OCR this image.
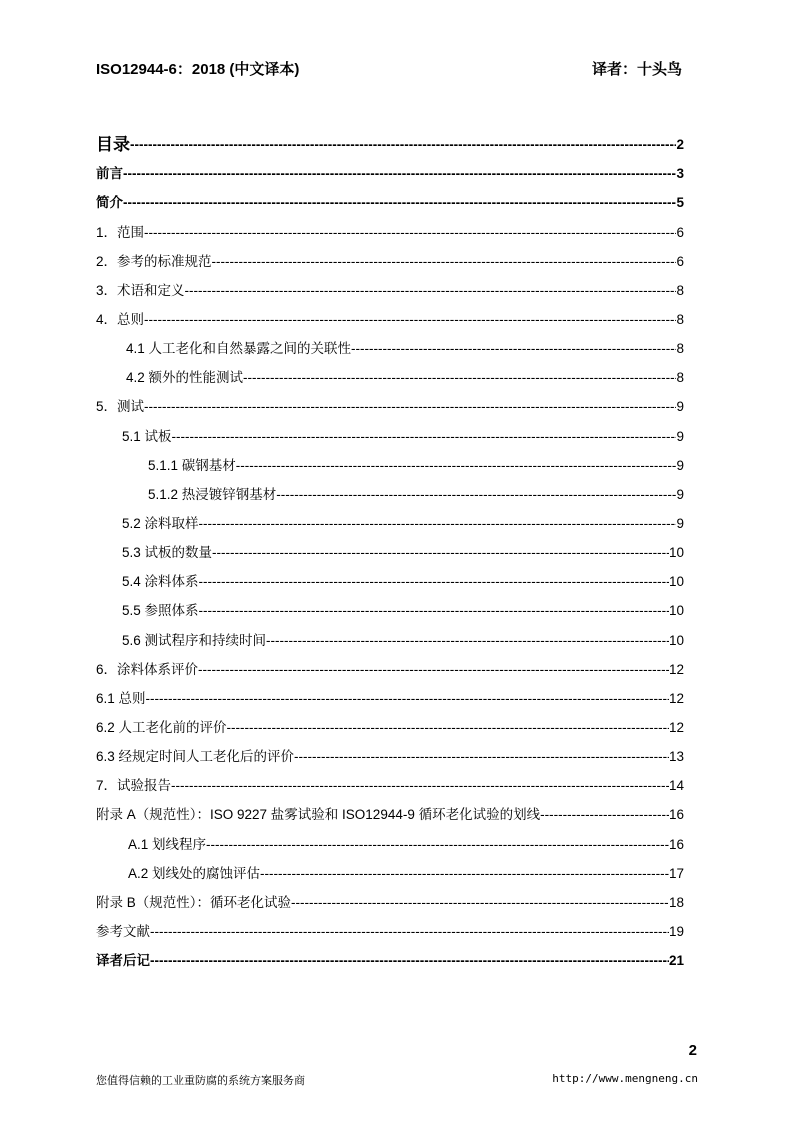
ISO12944-6：2018 (中文译本)	译者：十头鸟
目录 -----	2
前言 -----	3
简介 -----	5
1．范围 -----	6
2．参考的标准规范 -----	6
3．术语和定义 -----	8
4．总则 -----	8
4.1 人工老化和自然暴露之间的关联性 -----	8
4.2 额外的性能测试 -----	8
5．测试 -----	9
5.1 试板 -----	9
5.1.1 碳钢基材 -----	9
5.1.2 热浸镀锌钢基材 -----	9
5.2 涂料取样 -----	9
5.3 试板的数量 -----	10
5.4 涂料体系 -----	10
5.5 参照体系 -----	10
5.6 测试程序和持续时间 -----	10
6．涂料体系评价 -----	12
6.1 总则 -----	12
6.2 人工老化前的评价 -----	12
6.3 经规定时间人工老化后的评价 -----	13
7．试验报告 -----	14
附录 A（规范性）：ISO 9227 盐雾试验和 ISO12944-9 循环老化试验的划线 -----	16
A.1 划线程序 -----	16
A.2 划线处的腐蚀评估 -----	17
附录 B（规范性）：循环老化试验 -----	18
参考文献 -----	19
译者后记 -----	21
2
您值得信赖的工业重防腐的系统方案服务商	http://www.mengneng.cn
